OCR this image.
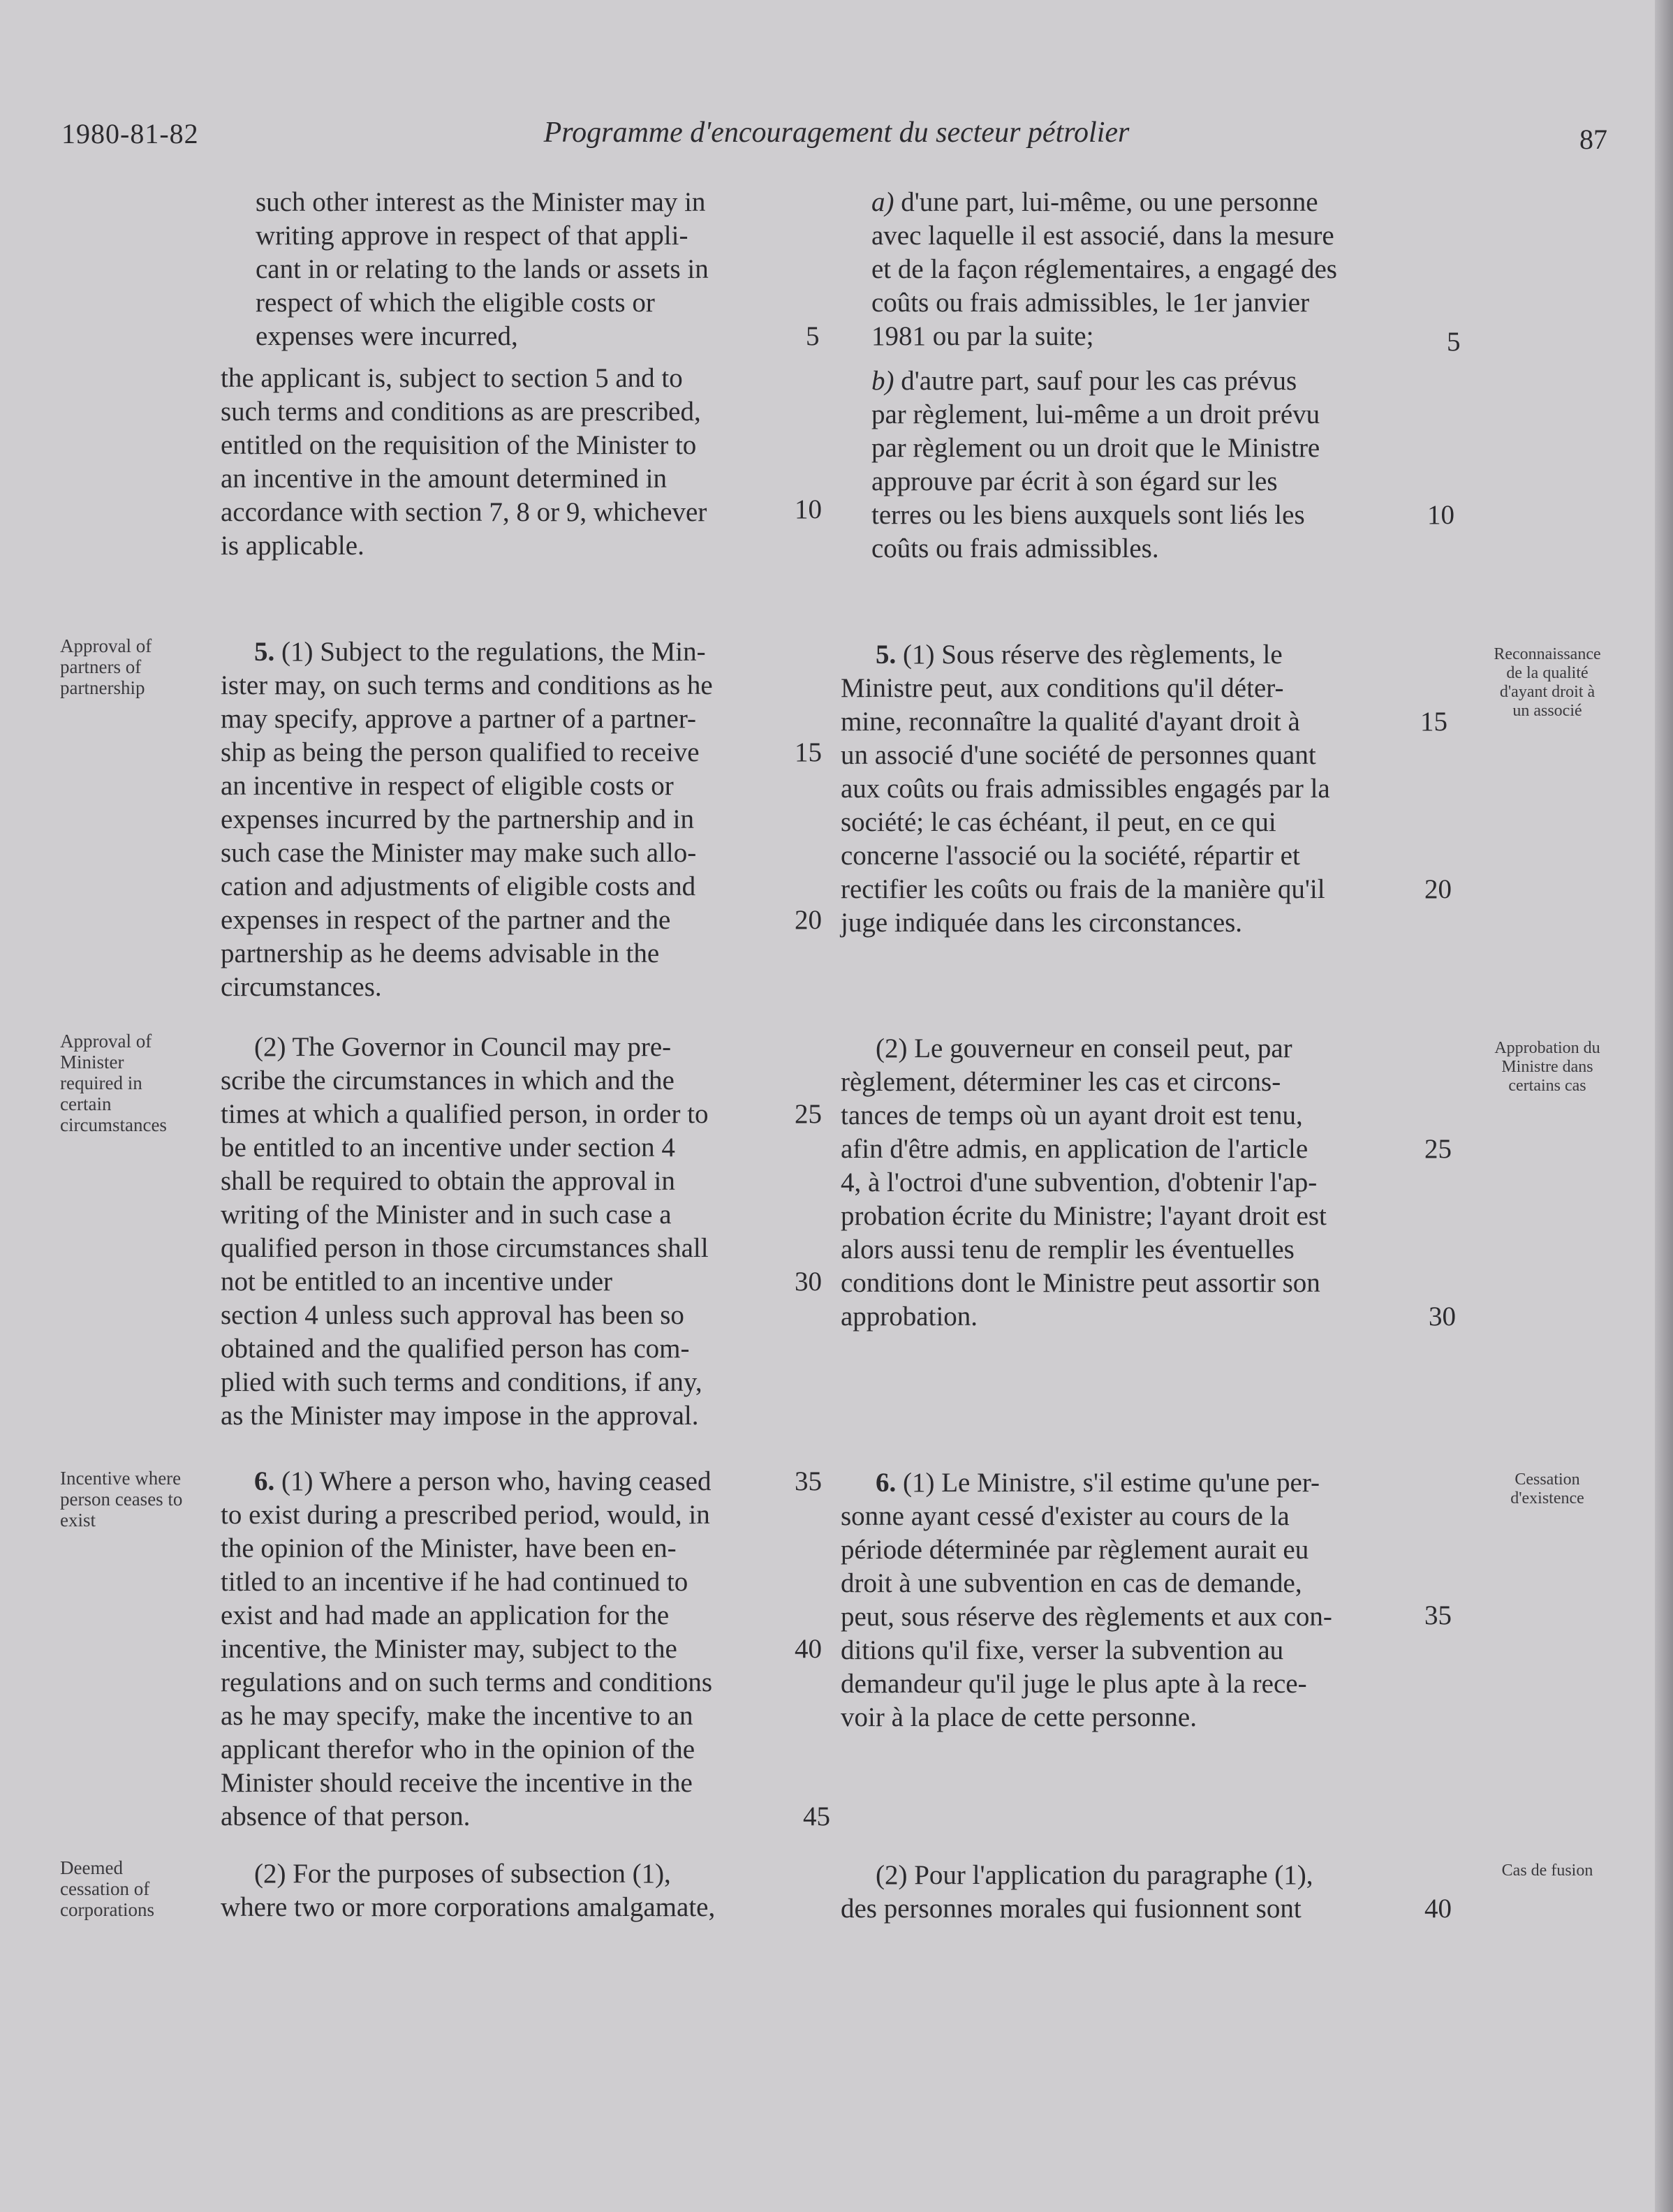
1980-81-82	Programme d'encouragement du secteur pétrolier	87
Approval of
partners of
partnership
Approval of
Minister
required in
certain
circumstances
Incentive where
person ceases to
exist
Deemed
cessation of
corporations
Reconnaissance
de la qualité
d'ayant droit à
un associé
Approbation du
Ministre dans
certains cas
Cessation
d'existence
Cas de fusion
such other interest as the Minister may in
writing approve in respect of that appli-
cant in or relating to the lands or assets in
respect of which the eligible costs or
expenses were incurred,
the applicant is, subject to section 5 and to
such terms and conditions as are prescribed,
entitled on the requisition of the Minister to
an incentive in the amount determined in
accordance with section 7, 8 or 9, whichever
is applicable.
5. (1) Subject to the regulations, the Min-
ister may, on such terms and conditions as he
may specify, approve a partner of a partner-
ship as being the person qualified to receive
an incentive in respect of eligible costs or
expenses incurred by the partnership and in
such case the Minister may make such allo-
cation and adjustments of eligible costs and
expenses in respect of the partner and the
partnership as he deems advisable in the
circumstances.
(2) The Governor in Council may pre-
scribe the circumstances in which and the
times at which a qualified person, in order to
be entitled to an incentive under section 4
shall be required to obtain the approval in
writing of the Minister and in such case a
qualified person in those circumstances shall
not be entitled to an incentive under
section 4 unless such approval has been so
obtained and the qualified person has com-
plied with such terms and conditions, if any,
as the Minister may impose in the approval.
6. (1) Where a person who, having ceased
to exist during a prescribed period, would, in
the opinion of the Minister, have been en-
titled to an incentive if he had continued to
exist and had made an application for the
incentive, the Minister may, subject to the
regulations and on such terms and conditions
as he may specify, make the incentive to an
applicant therefor who in the opinion of the
Minister should receive the incentive in the
absence of that person.
(2) For the purposes of subsection (1),
where two or more corporations amalgamate,
5
10
15
20
25
30
35
40
45
a) d'une part, lui-même, ou une personne
avec laquelle il est associé, dans la mesure
et de la façon réglementaires, a engagé des
coûts ou frais admissibles, le 1er janvier
1981 ou par la suite;
b) d'autre part, sauf pour les cas prévus
par règlement, lui-même a un droit prévu
par règlement ou un droit que le Ministre
approuve par écrit à son égard sur les
terres ou les biens auxquels sont liés les
coûts ou frais admissibles.
5. (1) Sous réserve des règlements, le
Ministre peut, aux conditions qu'il déter-
mine, reconnaître la qualité d'ayant droit à
un associé d'une société de personnes quant
aux coûts ou frais admissibles engagés par la
société; le cas échéant, il peut, en ce qui
concerne l'associé ou la société, répartir et
rectifier les coûts ou frais de la manière qu'il
juge indiquée dans les circonstances.
(2) Le gouverneur en conseil peut, par
règlement, déterminer les cas et circons-
tances de temps où un ayant droit est tenu,
afin d'être admis, en application de l'article
4, à l'octroi d'une subvention, d'obtenir l'ap-
probation écrite du Ministre; l'ayant droit est
alors aussi tenu de remplir les éventuelles
conditions dont le Ministre peut assortir son
approbation.
6. (1) Le Ministre, s'il estime qu'une per-
sonne ayant cessé d'exister au cours de la
période déterminée par règlement aurait eu
droit à une subvention en cas de demande,
peut, sous réserve des règlements et aux con-
ditions qu'il fixe, verser la subvention au
demandeur qu'il juge le plus apte à la rece-
voir à la place de cette personne.
(2) Pour l'application du paragraphe (1),
des personnes morales qui fusionnent sont
5
10
15
20
25
30
35
40
